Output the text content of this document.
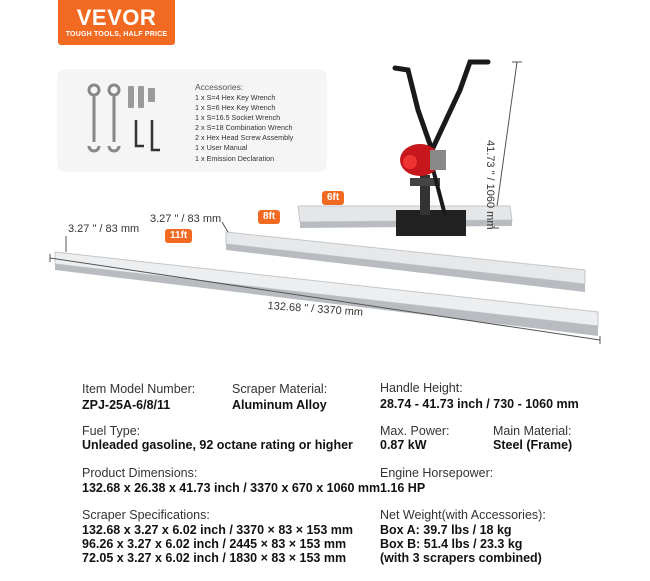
VEVOR
TOUGH TOOLS, HALF PRICE
Accessories:
1 x S=4 Hex Key Wrench
1 x S=6 Hex Key Wrench
1 x S=16.5 Socket Wrench
2 x S=18 Combination Wrench
2 x Hex Head Screw Assembly
1 x User Manual
1 x Emission Declaration	41.73 " / 1060 mm
3.27 " / 83 mm
3.27 " / 83 mm
132.68 " / 3370 mm
6ft
8ft
11ft
Item Model Number:
ZPJ-25A-6/8/11
Scraper Material:
Aluminum Alloy
Handle Height:
28.74 - 41.73 inch / 730 - 1060 mm
Fuel Type:
Unleaded gasoline, 92 octane rating or higher
Max. Power:
0.87 kW
Main Material:
Steel (Frame)
Product Dimensions:
132.68 x 26.38 x 41.73 inch / 3370 x 670 x 1060 mm
Engine Horsepower:
1.16 HP
Scraper Specifications:
132.68 x 3.27 x 6.02 inch / 3370 × 83 × 153 mm
96.26 x 3.27 x 6.02 inch / 2445 × 83 × 153 mm
72.05 x 3.27 x 6.02 inch / 1830 × 83 × 153 mm
Net Weight(with Accessories):
Box A: 39.7 lbs / 18 kg
Box B: 51.4 lbs / 23.3 kg
(with 3 scrapers combined)
